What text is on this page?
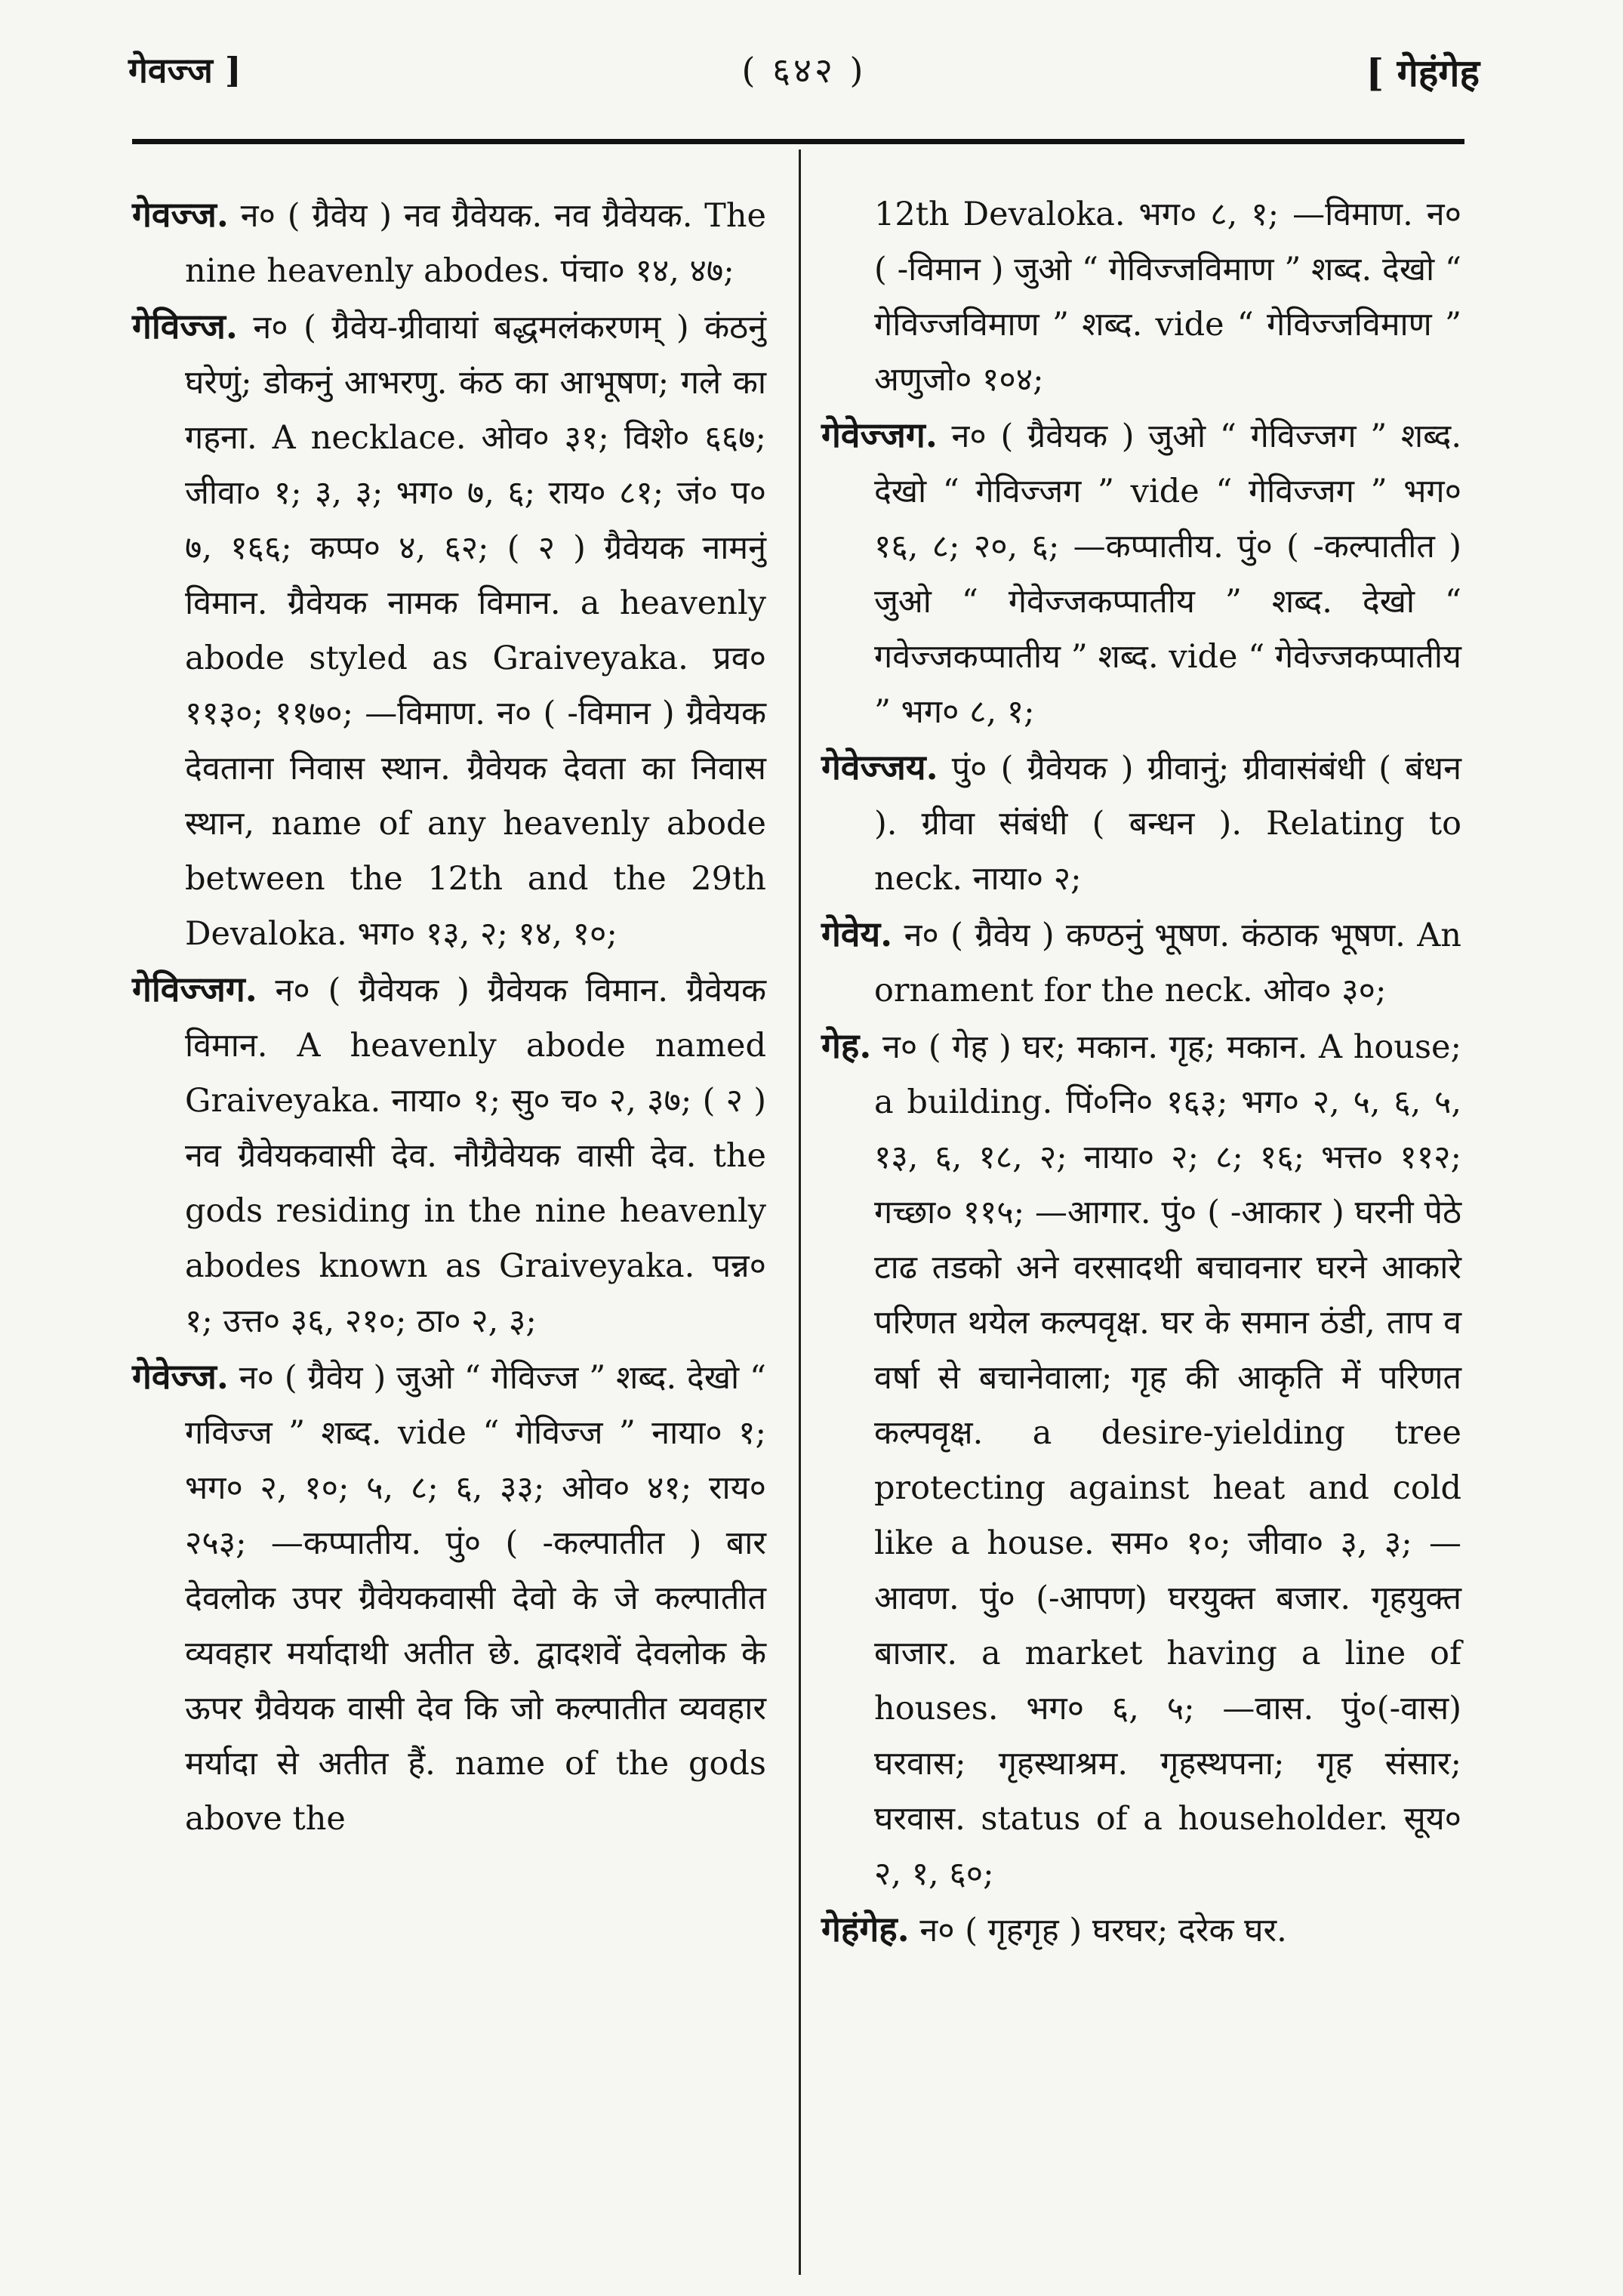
गेवज्ज ]	( ६४२ )	[ गेहंगेह

गेवज्ज. न० ( ग्रैवेय ) नव ग्रैवेयक. नव ग्रैवेयक. The nine heavenly abodes. पंचा० १४, ४७;

गेविज्ज. न० ( ग्रैवेय-ग्रीवायां बद्धमलंकरणम् ) कंठनुं घरेणुं; डोकनुं आभरणु. कंठ का आभूषण; गले का गहना. A necklace. ओव० ३१; विशे० ६६७; जीवा० १; ३, ३; भग० ७, ६; राय० ८१; जं० प० ७, १६६; कप्प० ४, ६२; ( २ ) ग्रैवेयक नामनुं विमान. ग्रैवेयक नामक विमान. a heavenly abode styled as Graiveyaka. प्रव० ११३०; ११७०; —विमाण. न० ( -विमान ) ग्रैवेयक देवताना निवास स्थान. ग्रैवेयक देवता का निवास स्थान, name of any heavenly abode between the 12th and the 29th Devaloka. भग० १३, २; १४, १०;

गेविज्जग. न० ( ग्रैवेयक ) ग्रैवेयक विमान. ग्रैवेयक विमान. A heavenly abode named Graiveyaka. नाया० १; सु० च० २, ३७; ( २ ) नव ग्रैवेयकवासी देव. नौग्रैवेयक वासी देव. the gods residing in the nine heavenly abodes known as Graiveyaka. पन्न० १; उत्त० ३६, २१०; ठा० २, ३;

गेवेज्ज. न० ( ग्रैवेय ) जुओ “ गेविज्ज ” शब्द. देखो “ गविज्ज ” शब्द. vide “ गेविज्ज ” नाया० १; भग० २, १०; ५, ८; ६, ३३; ओव० ४१; राय० २५३; —कप्पातीय. पुं० ( -कल्पातीत ) बार देवलोक उपर ग्रैवेयकवासी देवो के जे कल्पातीत व्यवहार मर्यादाथी अतीत छे. द्वादशवें देवलोक के ऊपर ग्रैवेयक वासी देव कि जो कल्पातीत व्यवहार मर्यादा से अतीत हैं. name of the gods above the

12th Devaloka. भग० ८, १; —विमाण. न० ( -विमान ) जुओ “ गेविज्जविमाण ” शब्द. देखो “ गेविज्जविमाण ” शब्द. vide “ गेविज्जविमाण ” अणुजो० १०४;

गेवेज्जग. न० ( ग्रैवेयक ) जुओ “ गेविज्जग ” शब्द. देखो “ गेविज्जग ” vide “ गेविज्जग ” भग० १६, ८; २०, ६; —कप्पातीय. पुं० ( -कल्पातीत ) जुओ “ गेवेज्जकप्पातीय ” शब्द. देखो “ गवेज्जकप्पातीय ” शब्द. vide “ गेवेज्जकप्पातीय ” भग० ८, १;

गेवेज्जय. पुं० ( ग्रैवेयक ) ग्रीवानुं; ग्रीवासंबंधी ( बंधन ). ग्रीवा संबंधी ( बन्धन ). Relating to neck. नाया० २;

गेवेय. न० ( ग्रैवेय ) कण्ठनुं भूषण. कंठाक भूषण. An ornament for the neck. ओव० ३०;

गेह. न० ( गेह ) घर; मकान. गृह; मकान. A house; a building. पिं०नि० १६३; भग० २, ५, ६, ५, १३, ६, १८, २; नाया० २; ८; १६; भत्त० ११२; गच्छा० ११५; —आगार. पुं० ( -आकार ) घरनी पेठे टाढ तडको अने वरसादथी बचावनार घरने आकारे परिणत थयेल कल्पवृक्ष. घर के समान ठंडी, ताप व वर्षा से बचानेवाला; गृह की आकृति में परिणत कल्पवृक्ष. a desire-yielding tree protecting against heat and cold like a house. सम० १०; जीवा० ३, ३; —आवण. पुं० (-आपण) घरयुक्त बजार. गृहयुक्त बाजार. a market having a line of houses. भग० ६, ५; —वास. पुं०(-वास) घरवास; गृहस्थाश्रम. गृहस्थपना; गृह संसार; घरवास. status of a householder. सूय० २, १, ६०;

गेहंगेह. न० ( गृहगृह ) घरघर; दरेक घर.
